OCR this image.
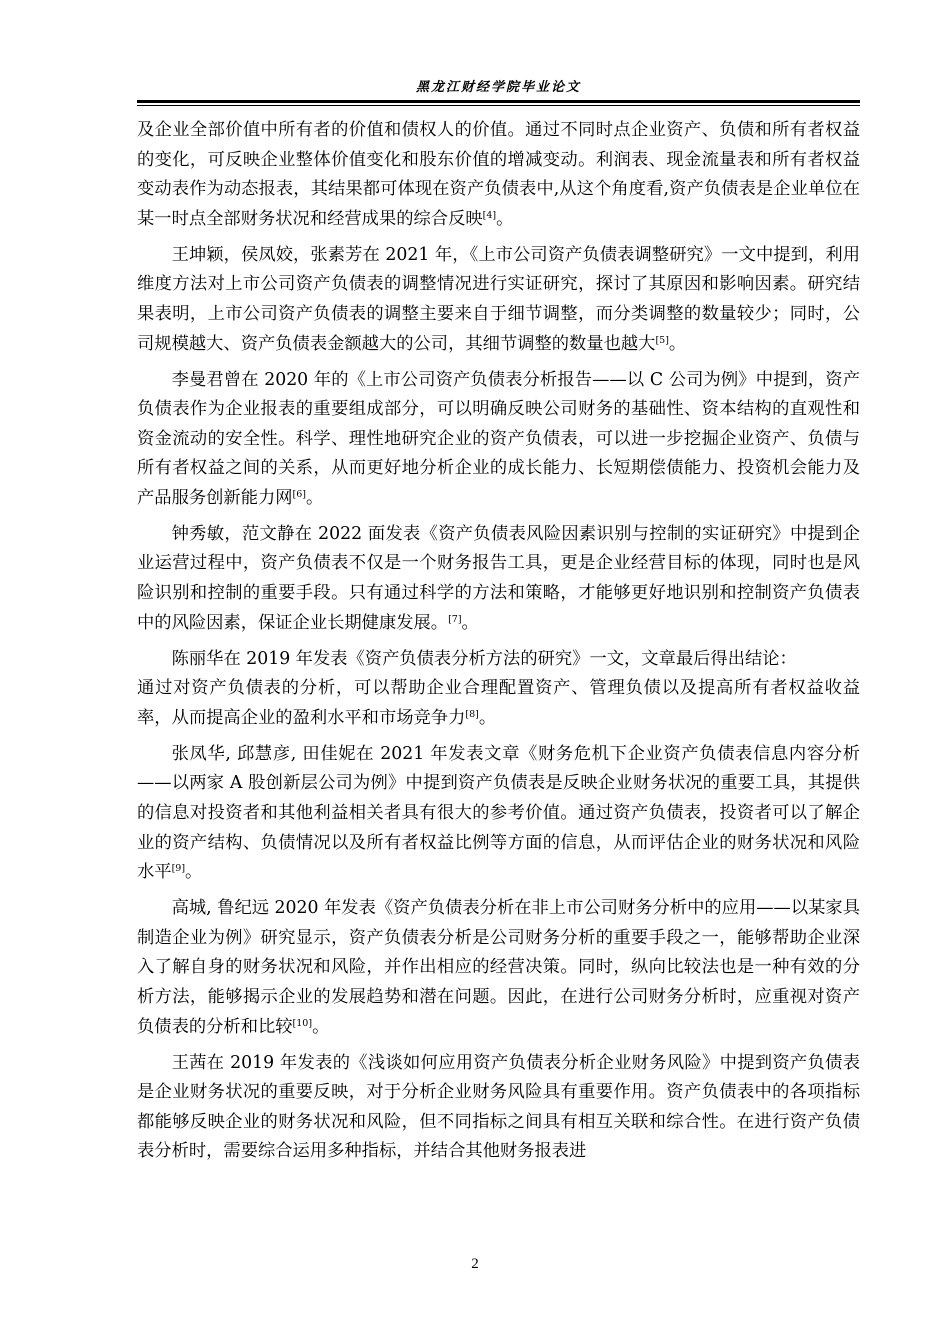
黑龙江财经学院毕业论文

及企业全部价值中所有者的价值和债权人的价值。通过不同时点企业资产、负债和所有者权益的变化，可反映企业整体价值变化和股东价值的增减变动。利润表、现金流量表和所有者权益变动表作为动态报表，其结果都可体现在资产负债表中,从这个角度看,资产负债表是企业单位在某一时点全部财务状况和经营成果的综合反映[4]。

王坤颖，侯凤姣，张素芳在 2021 年，《上市公司资产负债表调整研究》一文中提到，利用维度方法对上市公司资产负债表的调整情况进行实证研究，探讨了其原因和影响因素。研究结果表明，上市公司资产负债表的调整主要来自于细节调整，而分类调整的数量较少；同时，公司规模越大、资产负债表金额越大的公司，其细节调整的数量也越大[5]。

李曼君曾在 2020 年的《上市公司资产负债表分析报告——以 C 公司为例》中提到，资产负债表作为企业报表的重要组成部分，可以明确反映公司财务的基础性、资本结构的直观性和资金流动的安全性。科学、理性地研究企业的资产负债表，可以进一步挖掘企业资产、负债与所有者权益之间的关系，从而更好地分析企业的成长能力、长短期偿债能力、投资机会能力及产品服务创新能力网[6]。

钟秀敏，范文静在 2022 面发表《资产负债表风险因素识别与控制的实证研究》中提到企业运营过程中，资产负债表不仅是一个财务报告工具，更是企业经营目标的体现，同时也是风险识别和控制的重要手段。只有通过科学的方法和策略，才能够更好地识别和控制资产负债表中的风险因素，保证企业长期健康发展。[7]。

陈丽华在 2019 年发表《资产负债表分析方法的研究》一文，文章最后得出结论：

通过对资产负债表的分析，可以帮助企业合理配置资产、管理负债以及提高所有者权益收益率，从而提高企业的盈利水平和市场竞争力[8]。

张凤华, 邱慧彦, 田佳妮在 2021 年发表文章《财务危机下企业资产负债表信息内容分析——以两家 A 股创新层公司为例》中提到资产负债表是反映企业财务状况的重要工具，其提供的信息对投资者和其他利益相关者具有很大的参考价值。通过资产负债表，投资者可以了解企业的资产结构、负债情况以及所有者权益比例等方面的信息，从而评估企业的财务状况和风险水平[9]。

高城, 鲁纪远 2020 年发表《资产负债表分析在非上市公司财务分析中的应用——以某家具制造企业为例》研究显示，资产负债表分析是公司财务分析的重要手段之一，能够帮助企业深入了解自身的财务状况和风险，并作出相应的经营决策。同时，纵向比较法也是一种有效的分析方法，能够揭示企业的发展趋势和潜在问题。因此，在进行公司财务分析时，应重视对资产负债表的分析和比较[10]。

王茜在 2019 年发表的《浅谈如何应用资产负债表分析企业财务风险》中提到资产负债表是企业财务状况的重要反映，对于分析企业财务风险具有重要作用。资产负债表中的各项指标都能够反映企业的财务状况和风险，但不同指标之间具有相互关联和综合性。在进行资产负债表分析时，需要综合运用多种指标，并结合其他财务报表进

2
